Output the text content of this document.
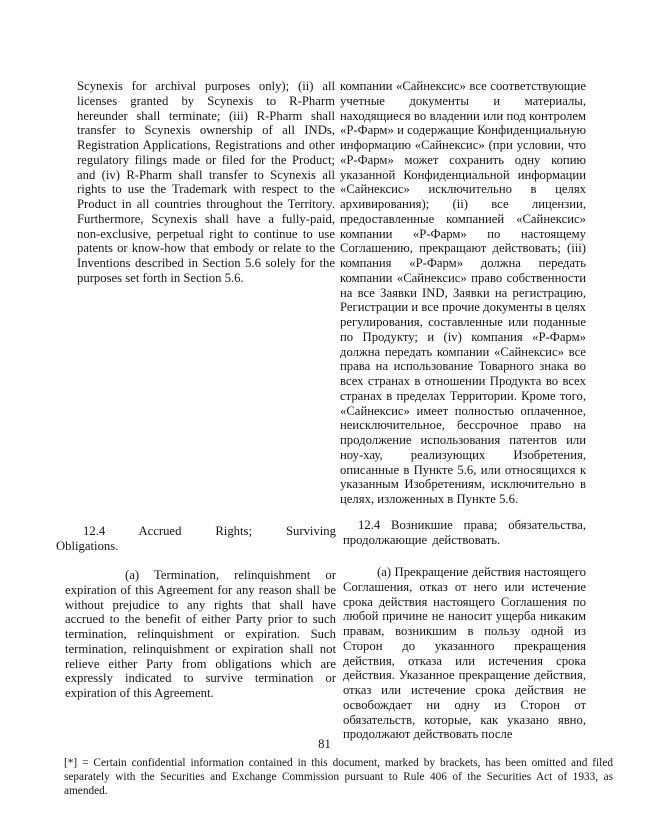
Scynexis for archival purposes only); (ii) all licenses granted by Scynexis to R-Pharm hereunder shall terminate; (iii) R-Pharm shall transfer to Scynexis ownership of all INDs, Registration Applications, Registrations and other regulatory filings made or filed for the Product; and (iv) R-Pharm shall transfer to Scynexis all rights to use the Trademark with respect to the Product in all countries throughout the Territory. Furthermore, Scynexis shall have a fully-paid, non-exclusive, perpetual right to continue to use patents or know-how that embody or relate to the Inventions described in Section 5.6 solely for the purposes set forth in Section 5.6.
12.4 Accrued Rights; Surviving Obligations.
(a) Termination, relinquishment or expiration of this Agreement for any reason shall be without prejudice to any rights that shall have accrued to the benefit of either Party prior to such termination, relinquishment or expiration. Such termination, relinquishment or expiration shall not relieve either Party from obligations which are expressly indicated to survive termination or expiration of this Agreement.
компании «Сайнексис» все соответствующие учетные документы и материалы, находящиеся во владении или под контролем «Р-Фарм» и содержащие Конфиденциальную информацию «Сайнексис» (при условии, что «Р-Фарм» может сохранить одну копию указанной Конфиденциальной информации «Сайнексис» исключительно в целях архивирования); (ii) все лицензии, предоставленные компанией «Сайнексис» компании «Р-Фарм» по настоящему Соглашению, прекращают действовать; (iii) компания «Р-Фарм» должна передать компании «Сайнексис» право собственности на все Заявки IND, Заявки на регистрацию, Регистрации и все прочие документы в целях регулирования, составленные или поданные по Продукту; и (iv) компания «Р-Фарм» должна передать компании «Сайнексис» все права на использование Товарного знака во всех странах в отношении Продукта во всех странах в пределах Территории. Кроме того, «Сайнексис» имеет полностью оплаченное, неисключительное, бессрочное право на продолжение использования патентов или ноу-хау, реализующих Изобретения, описанные в Пункте 5.6, или относящихся к указанным Изобретениям, исключительно в целях, изложенных в Пункте 5.6.
12.4 Возникшие права; обязательства, продолжающие действовать.
(a) Прекращение действия настоящего Соглашения, отказ от него или истечение срока действия настоящего Соглашения по любой причине не наносит ущерба никаким правам, возникшим в пользу одной из Сторон до указанного прекращения действия, отказа или истечения срока действия. Указанное прекращение действия, отказ или истечение срока действия не освобождает ни одну из Сторон от обязательств, которые, как указано явно, продолжают действовать после
81
[*] = Certain confidential information contained in this document, marked by brackets, has been omitted and filed separately with the Securities and Exchange Commission pursuant to Rule 406 of the Securities Act of 1933, as amended.
